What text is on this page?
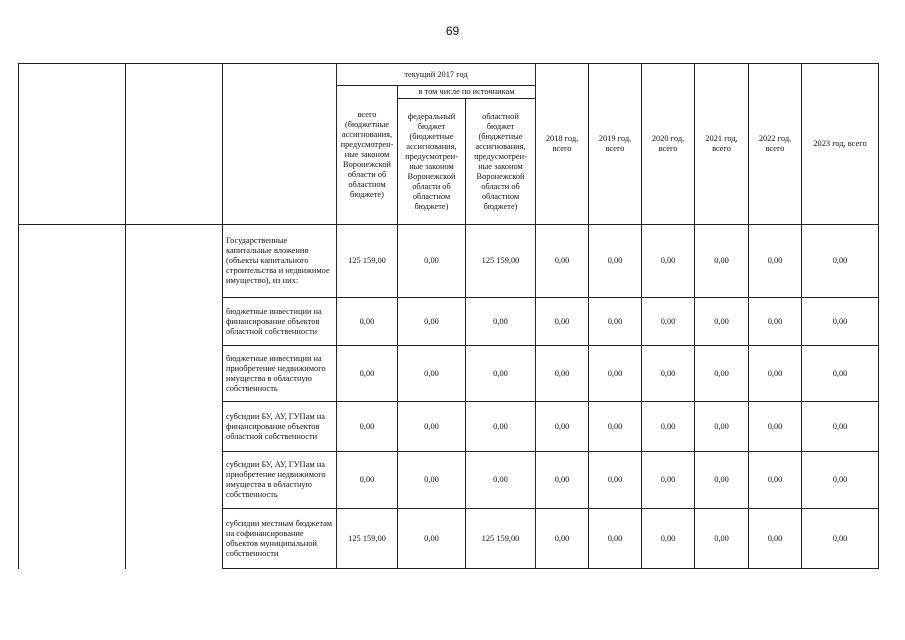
69
			текущий 2017 год			2018 год, всего	2019 год, всего	2020 год, всего	2021 год, всего	2022 год, всего	2023 год, всего
			всего (бюджетные ассигнования, предусмотрен-ные законом Воронежской области об областном бюджете)	в том числе по источникам							
				федеральный бюджет (бюджетные ассигнования, предусмотрен-ные законом Воронежской области об областном бюджете)	областной бюджет (бюджетные ассигнования, предусмотрен-ные законом Воронежской области об областном бюджете)						
		Государственные капитальные вложения (объекты капитального строительства и недвижимое имущество), из них:	125 159,00	0,00	125 159,00	0,00	0,00	0,00	0,00	0,00	0,00
		бюджетные инвестиции на финансирование объектов областной собственности	0,00	0,00	0,00	0,00	0,00	0,00	0,00	0,00	0,00
		бюджетные инвестиции на приобретение недвижимого имущества в областную собственность	0,00	0,00	0,00	0,00	0,00	0,00	0,00	0,00	0,00
		субсидии БУ, АУ, ГУПам на финансирование объектов областной собственности	0,00	0,00	0,00	0,00	0,00	0,00	0,00	0,00	0,00
		субсидии БУ, АУ, ГУПам на приобретение недвижимого имущества в областную собственность	0,00	0,00	0,00	0,00	0,00	0,00	0,00	0,00	0,00
		субсидии местным бюджетам на софинансирование объектов муниципальной собственности	125 159,00	0,00	125 159,00	0,00	0,00	0,00	0,00	0,00	0,00
